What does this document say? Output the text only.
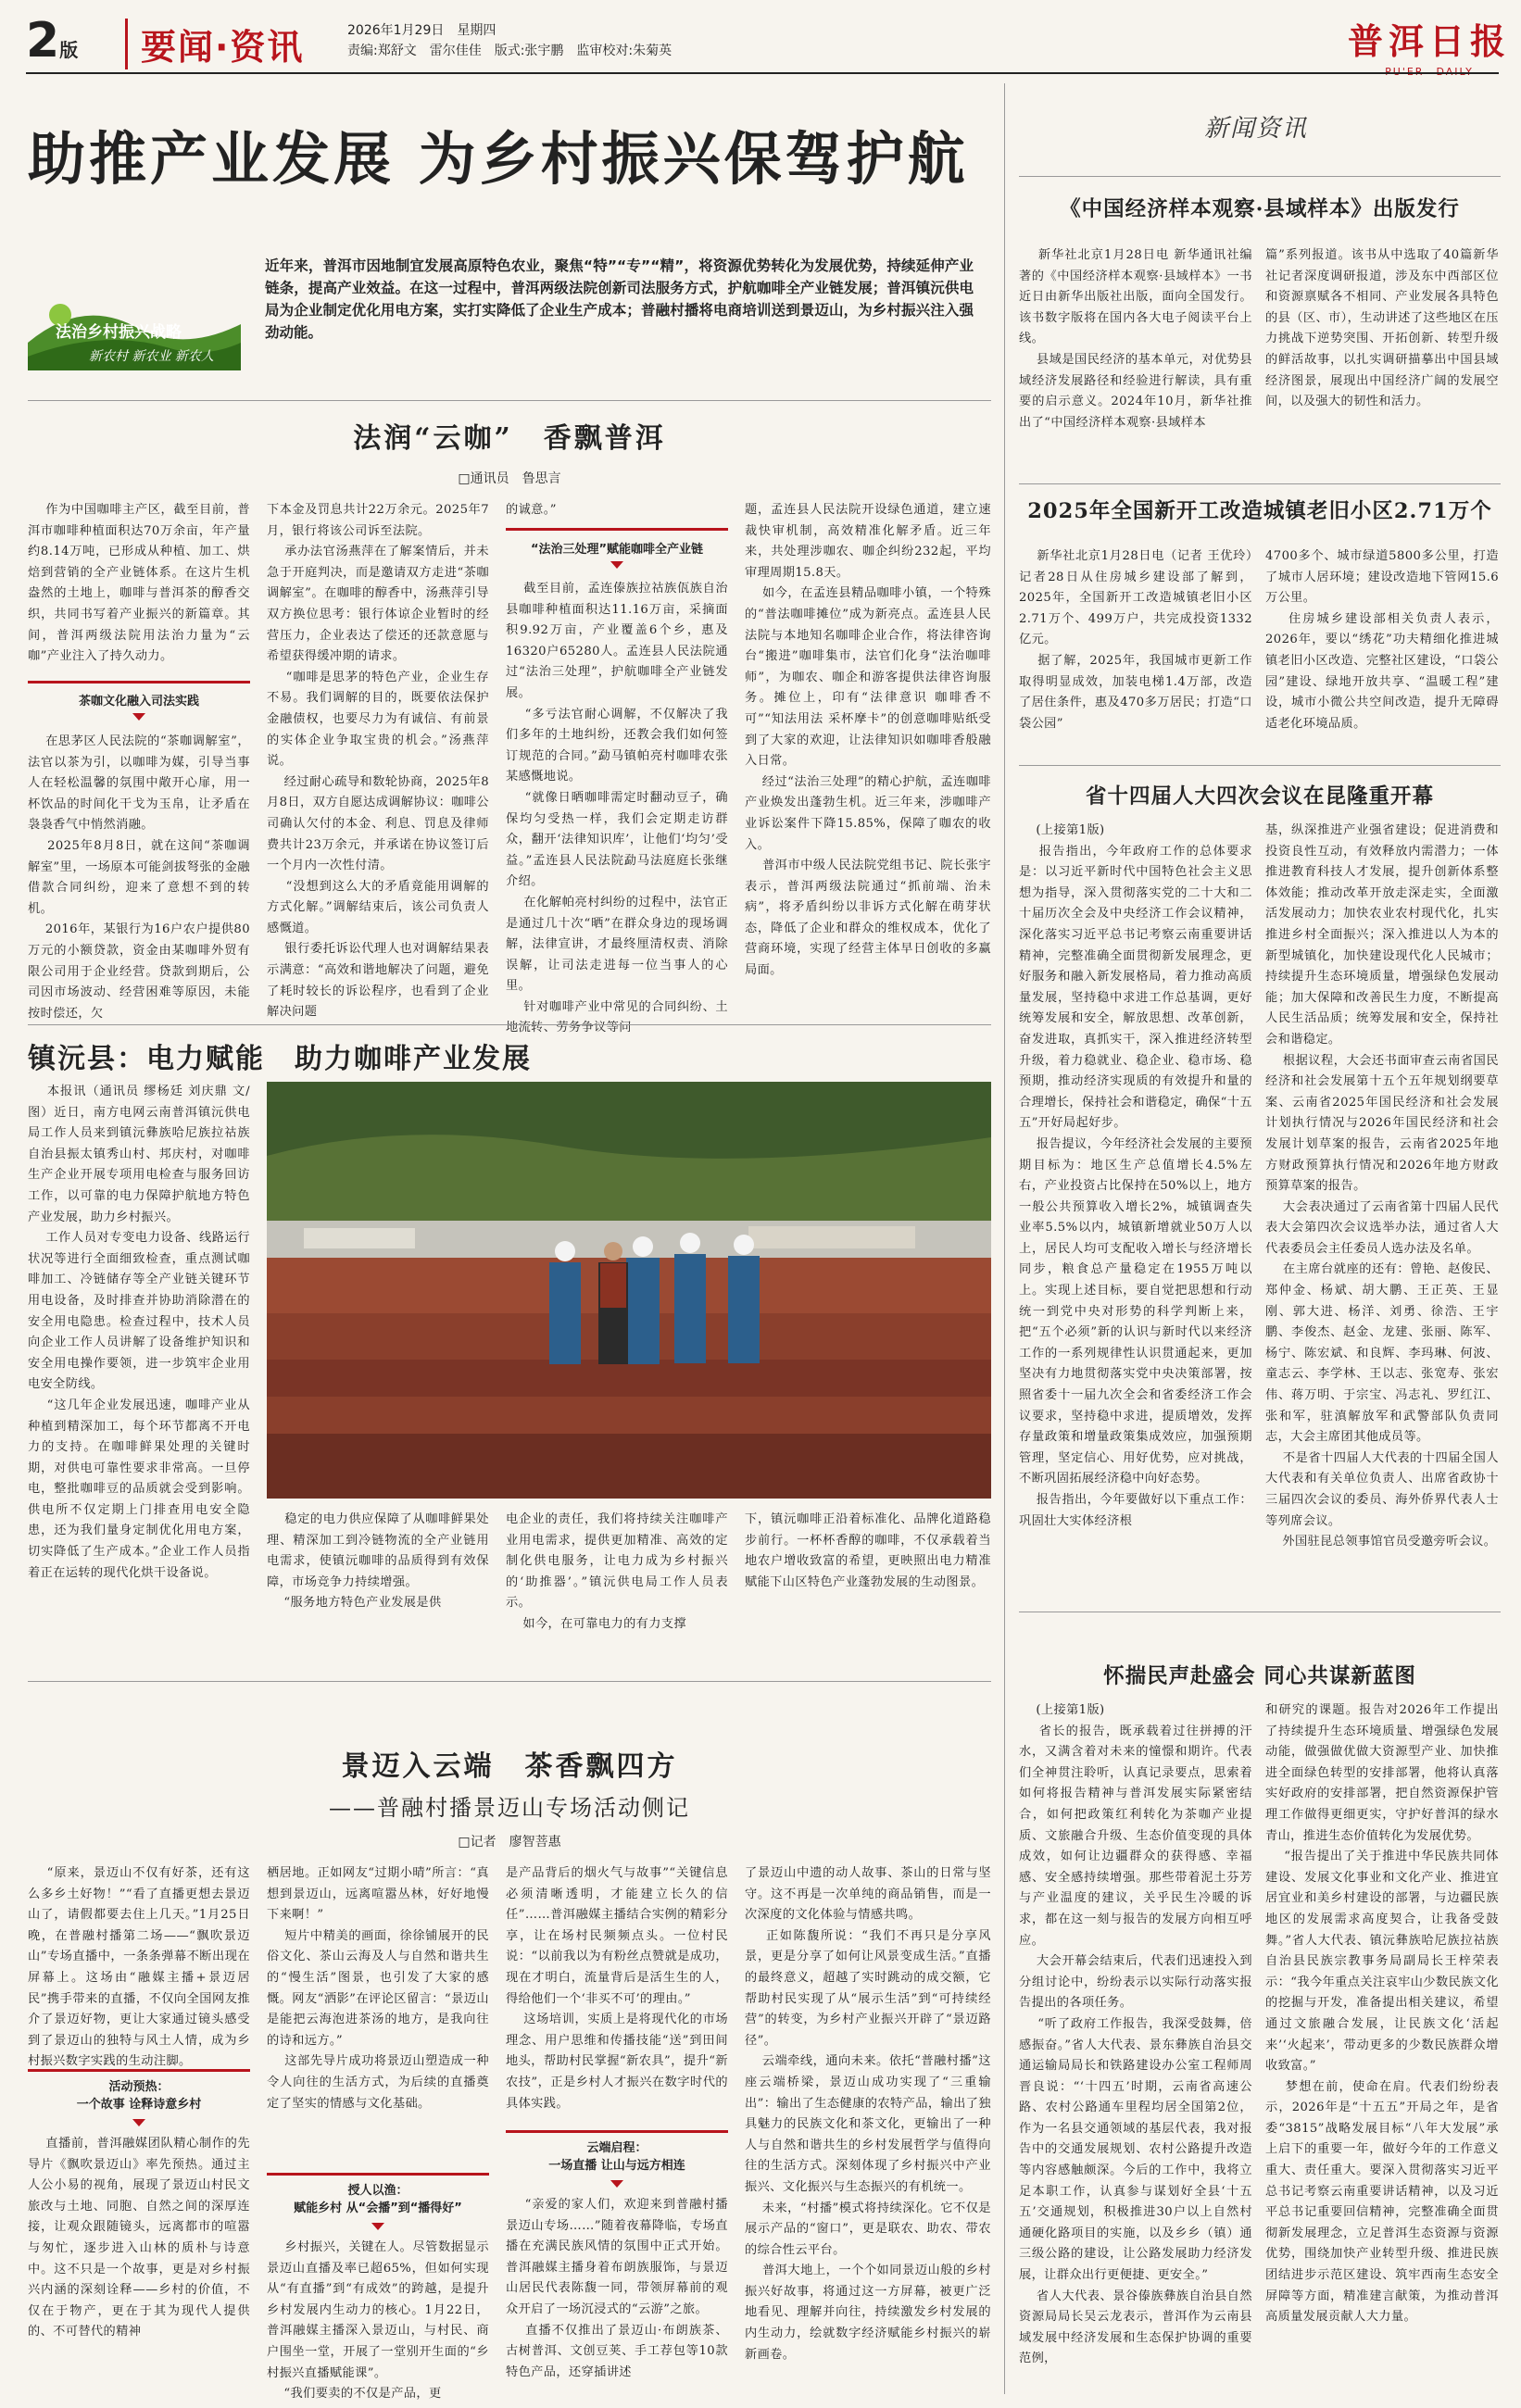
2版	要闻·资讯	2026年1月29日　星期四
责编:郑舒文　雷尔佳佳　版式:张宇鹏　监审校对:朱菊英	普洱日报
PU'ER　DAILY
助推产业发展 为乡村振兴保驾护航
法治乡村振兴战略
新农村 新农业 新农人
近年来，普洱市因地制宜发展高原特色农业，聚焦“特”“专”“精”，将资源优势转化为发展优势，持续延伸产业链条，提高产业效益。在这一过程中，普洱两级法院创新司法服务方式，护航咖啡全产业链发展；普洱镇沅供电局为企业制定优化用电方案，实打实降低了企业生产成本；普融村播将电商培训送到景迈山，为乡村振兴注入强劲动能。
法润“云咖”　香飘普洱
□通讯员　鲁思言
作为中国咖啡主产区，截至目前，普洱市咖啡种植面积达70万余亩，年产量约8.14万吨，已形成从种植、加工、烘焙到营销的全产业链体系。在这片生机盎然的土地上，咖啡与普洱茶的醇香交织，共同书写着产业振兴的新篇章。其间，普洱两级法院用法治力量为“云咖”产业注入了持久动力。
茶咖文化融入司法实践
在思茅区人民法院的“茶咖调解室”，法官以茶为引，以咖啡为媒，引导当事人在轻松温馨的氛围中敞开心扉，用一杯饮品的时间化干戈为玉帛，让矛盾在袅袅香气中悄然消融。
2025年8月8日，就在这间“茶咖调解室”里，一场原本可能剑拔弩张的金融借款合同纠纷，迎来了意想不到的转机。
2016年，某银行为16户农户提供80万元的小额贷款，资金由某咖啡外贸有限公司用于企业经营。贷款到期后，公司因市场波动、经营困难等原因，未能按时偿还，欠
下本金及罚息共计22万余元。2025年7月，银行将该公司诉至法院。
承办法官汤燕萍在了解案情后，并未急于开庭判决，而是邀请双方走进“茶咖调解室”。在咖啡的醇香中，汤燕萍引导双方换位思考：银行体谅企业暂时的经营压力，企业表达了偿还的还款意愿与希望获得缓冲期的请求。
“咖啡是思茅的特色产业，企业生存不易。我们调解的目的，既要依法保护金融债权，也要尽力为有诚信、有前景的实体企业争取宝贵的机会。”汤燕萍说。
经过耐心疏导和数轮协商，2025年8月8日，双方自愿达成调解协议：咖啡公司确认欠付的本金、利息、罚息及律师费共计23万余元，并承诺在协议签订后一个月内一次性付清。
“没想到这么大的矛盾竟能用调解的方式化解。”调解结束后，该公司负责人感慨道。
银行委托诉讼代理人也对调解结果表示满意：“高效和谐地解决了问题，避免了耗时较长的诉讼程序，也看到了企业解决问题
的诚意。”
“法治三处理”赋能咖啡全产业链
截至目前，孟连傣族拉祜族佤族自治县咖啡种植面积达11.16万亩，采摘面积9.92万亩，产业覆盖6个乡，惠及16320户65280人。孟连县人民法院通过“法治三处理”，护航咖啡全产业链发展。
“多亏法官耐心调解，不仅解决了我们多年的土地纠纷，还教会我们如何签订规范的合同。”勐马镇帕亮村咖啡农张某感慨地说。
“就像日晒咖啡需定时翻动豆子，确保均匀受热一样，我们会定期走访群众，翻开‘法律知识库’，让他们‘均匀’受益。”孟连县人民法院勐马法庭庭长张继介绍。
在化解帕亮村纠纷的过程中，法官正是通过几十次“晒”在群众身边的现场调解，法律宣讲，才最终厘清权责、消除误解，让司法走进每一位当事人的心里。
针对咖啡产业中常见的合同纠纷、土地流转、劳务争议等问
题，孟连县人民法院开设绿色通道，建立速裁快审机制，高效精准化解矛盾。近三年来，共处理涉咖农、咖企纠纷232起，平均审理周期15.8天。
如今，在孟连县精品咖啡小镇，一个特殊的“普法咖啡摊位”成为新亮点。孟连县人民法院与本地知名咖啡企业合作，将法律咨询台“搬进”咖啡集市，法官们化身“法治咖啡师”，为咖农、咖企和游客提供法律咨询服务。摊位上，印有“法律意识 咖啡香不可”“知法用法 采杯摩卡”的创意咖啡贴纸受到了大家的欢迎，让法律知识如咖啡香般融入日常。
经过“法治三处理”的精心护航，孟连咖啡产业焕发出蓬勃生机。近三年来，涉咖啡产业诉讼案件下降15.85%，保障了咖农的收入。
普洱市中级人民法院党组书记、院长张宇表示，普洱两级法院通过“抓前端、治未病”，将矛盾纠纷以非诉方式化解在萌芽状态，降低了企业和群众的维权成本，优化了营商环境，实现了经营主体早日创收的多赢局面。
镇沅县：电力赋能　助力咖啡产业发展
本报讯（通讯员 缪杨廷 刘庆鼎 文/图）近日，南方电网云南普洱镇沅供电局工作人员来到镇沅彝族哈尼族拉祜族自治县振太镇秀山村、邦庆村，对咖啡生产企业开展专项用电检查与服务回访工作，以可靠的电力保障护航地方特色产业发展，助力乡村振兴。
工作人员对专变电力设备、线路运行状况等进行全面细致检查，重点测试咖啡加工、冷链储存等全产业链关键环节用电设备，及时排查并协助消除潜在的安全用电隐患。检查过程中，技术人员向企业工作人员讲解了设备维护知识和安全用电操作要领，进一步筑牢企业用电安全防线。
“这几年企业发展迅速，咖啡产业从种植到精深加工，每个环节都离不开电力的支持。在咖啡鲜果处理的关键时期，对供电可靠性要求非常高。一旦停电，整批咖啡豆的品质就会受到影响。供电所不仅定期上门排查用电安全隐患，还为我们量身定制优化用电方案，切实降低了生产成本。”企业工作人员指着正在运转的现代化烘干设备说。
稳定的电力供应保障了从咖啡鲜果处理、精深加工到冷链物流的全产业链用电需求，使镇沅咖啡的品质得到有效保障，市场竞争力持续增强。
“服务地方特色产业发展是供
电企业的责任，我们将持续关注咖啡产业用电需求，提供更加精准、高效的定制化供电服务，让电力成为乡村振兴的‘助推器’。”镇沅供电局工作人员表示。
如今，在可靠电力的有力支撑
下，镇沅咖啡正沿着标准化、品牌化道路稳步前行。一杯杯香醇的咖啡，不仅承载着当地农户增收致富的希望，更映照出电力精准赋能下山区特色产业蓬勃发展的生动图景。
景迈入云端　茶香飘四方
——普融村播景迈山专场活动侧记
□记者　廖智菩惠
“原来，景迈山不仅有好茶，还有这么多乡土好物！”“看了直播更想去景迈山了，请假都要去住上几天。”1月25日晚，在普融村播第二场——“飘吹景迈山”专场直播中，一条条弹幕不断出现在屏幕上。这场由“融媒主播+景迈居民”携手带来的直播，不仅向全国网友推介了景迈好物，更让大家通过镜头感受到了景迈山的独特与风土人情，成为乡村振兴数字实践的生动注脚。
活动预热：
一个故事 诠释诗意乡村
直播前，普洱融媒团队精心制作的先导片《飘吹景迈山》率先预热。通过主人公小易的视角，展现了景迈山村民文旅改与土地、同胞、自然之间的深厚连接，让观众跟随镜头，远离都市的喧嚣与匆忙，逐步进入山林的质朴与诗意中。这不只是一个故事，更是对乡村振兴内涵的深刻诠释——乡村的价值，不仅在于物产，更在于其为现代人提供的、不可替代的精神
栖居地。正如网友“过期小晴”所言：“真想到景迈山，远离喧嚣丛林，好好地慢下来啊！”
短片中精美的画面，徐徐铺展开的民俗文化、茶山云海及人与自然和谐共生的“慢生活”图景，也引发了大家的感慨。网友“洒影”在评论区留言：“景迈山是能把云海泡进茶汤的地方，是我向往的诗和远方。”
这部先导片成功将景迈山塑造成一种令人向往的生活方式，为后续的直播奠定了坚实的情感与文化基础。
授人以渔：
赋能乡村 从“会播”到“播得好”
乡村振兴，关键在人。尽管数据显示景迈山直播及率已超65%，但如何实现从“有直播”到“有成效”的跨越，是提升乡村发展内生动力的核心。1月22日，普洱融媒主播深入景迈山，与村民、商户围坐一堂，开展了一堂别开生面的“乡村振兴直播赋能课”。
“我们要卖的不仅是产品，更
是产品背后的烟火气与故事”“关键信息必须清晰透明，才能建立长久的信任”……普洱融媒主播结合实例的精彩分享，让在场村民频频点头。一位村民说：“以前我以为有粉丝点赞就是成功，现在才明白，流量背后是活生生的人，得给他们一个‘非买不可’的理由。”
这场培训，实质上是将现代化的市场理念、用户思维和传播技能“送”到田间地头，帮助村民掌握“新农具”，提升“新农技”，正是乡村人才振兴在数字时代的具体实践。
云端启程：
一场直播 让山与远方相连
“亲爱的家人们，欢迎来到普融村播景迈山专场……”随着夜幕降临，专场直播在充满民族风情的氛围中正式开始。普洱融媒主播身着布朗族服饰，与景迈山居民代表陈馥一同，带领屏幕前的观众开启了一场沉浸式的“云游”之旅。
直播不仅推出了景迈山·布朗族茶、古树普洱、文创豆荚、手工荐包等10款特色产品，还穿插讲述
了景迈山中遗的动人故事、茶山的日常与坚守。这不再是一次单纯的商品销售，而是一次深度的文化体验与情感共鸣。
正如陈馥所说：“我们不再只是分享风景，更是分享了如何让风景变成生活。”直播的最终意义，超越了实时跳动的成交额，它帮助村民实现了从“展示生活”到“可持续经营”的转变，为乡村产业振兴开辟了“景迈路径”。
云端牵线，通向未来。依托“普融村播”这座云端桥梁，景迈山成功实现了“三重输出”：输出了生态健康的农特产品，输出了独具魅力的民族文化和茶文化，更输出了一种人与自然和谐共生的乡村发展哲学与值得向往的生活方式。深刻体现了乡村振兴中产业振兴、文化振兴与生态振兴的有机统一。
未来，“村播”模式将持续深化。它不仅是展示产品的“窗口”，更是联农、助农、带农的综合性云平台。
普洱大地上，一个个如同景迈山般的乡村振兴好故事，将通过这一方屏幕，被更广泛地看见、理解并向往，持续激发乡村发展的内生动力，绘就数字经济赋能乡村振兴的崭新画卷。
新闻资讯
《中国经济样本观察·县域样本》出版发行
新华社北京1月28日电 新华通讯社编著的《中国经济样本观察·县域样本》一书近日由新华出版社出版，面向全国发行。该书数字版将在国内各大电子阅读平台上线。
县域是国民经济的基本单元，对优势县域经济发展路径和经验进行解读，具有重要的启示意义。2024年10月，新华社推出了“中国经济样本观察·县域样本
篇”系列报道。该书从中选取了40篇新华社记者深度调研报道，涉及东中西部区位和资源禀赋各不相同、产业发展各具特色的县（区、市），生动讲述了这些地区在压力挑战下逆势突围、开拓创新、转型升级的鲜活故事，以扎实调研描摹出中国县域经济图景，展现出中国经济广阔的发展空间，以及强大的韧性和活力。
2025年全国新开工改造城镇老旧小区2.71万个
新华社北京1月28日电（记者 王优玲）记者28日从住房城乡建设部了解到，2025年，全国新开工改造城镇老旧小区2.71万个、499万户，共完成投资1332亿元。
据了解，2025年，我国城市更新工作取得明显成效，加装电梯1.4万部，改造了居住条件，惠及470多万居民；打造“口袋公园”
4700多个、城市绿道5800多公里，打造了城市人居环境；建设改造地下管网15.6万公里。
住房城乡建设部相关负责人表示，2026年，要以“绣花”功夫精细化推进城镇老旧小区改造、完整社区建设，“口袋公园”建设、绿地开放共享、“温暖工程”建设，城市小微公共空间改造，提升无障碍适老化环境品质。
省十四届人大四次会议在昆隆重开幕
(上接第1版)
报告指出，今年政府工作的总体要求是：以习近平新时代中国特色社会主义思想为指导，深入贯彻落实党的二十大和二十届历次全会及中央经济工作会议精神，深化落实习近平总书记考察云南重要讲话精神，完整准确全面贯彻新发展理念，更好服务和融入新发展格局，着力推动高质量发展，坚持稳中求进工作总基调，更好统筹发展和安全，解放思想、改革创新，奋发进取，真抓实干，深入推进经济转型升级，着力稳就业、稳企业、稳市场、稳预期，推动经济实现质的有效提升和量的合理增长，保持社会和谐稳定，确保“十五五”开好局起好步。
报告提议，今年经济社会发展的主要预期目标为：地区生产总值增长4.5%左右，产业投资占比保持在50%以上，地方一般公共预算收入增长2%，城镇调查失业率5.5%以内，城镇新增就业50万人以上，居民人均可支配收入增长与经济增长同步，粮食总产量稳定在1955万吨以上。实现上述目标，要自觉把思想和行动统一到党中央对形势的科学判断上来，把“五个必须”新的认识与新时代以来经济工作的一系列规律性认识贯通起来，更加坚决有力地贯彻落实党中央决策部署，按照省委十一届九次全会和省委经济工作会议要求，坚持稳中求进，提质增效，发挥存量政策和增量政策集成效应，加强预期管理，坚定信心、用好优势，应对挑战，不断巩固拓展经济稳中向好态势。
报告指出，今年要做好以下重点工作：巩固壮大实体经济根
基，纵深推进产业强省建设；促进消费和投资良性互动，有效释放内需潜力；一体推进教育科技人才发展，提升创新体系整体效能；推动改革开放走深走实，全面激活发展动力；加快农业农村现代化，扎实推进乡村全面振兴；深入推进以人为本的新型城镇化，加快建设现代化人民城市；持续提升生态环境质量，增强绿色发展动能；加大保障和改善民生力度，不断提高人民生活品质；统筹发展和安全，保持社会和谐稳定。
根据议程，大会还书面审查云南省国民经济和社会发展第十五个五年规划纲要草案、云南省2025年国民经济和社会发展计划执行情况与2026年国民经济和社会发展计划草案的报告，云南省2025年地方财政预算执行情况和2026年地方财政预算草案的报告。
大会表决通过了云南省第十四届人民代表大会第四次会议选举办法，通过省人大代表委员会主任委员人选办法及名单。
在主席台就座的还有：曾艳、赵俊民、郑仲金、杨斌、胡大鹏、王正英、王显刚、郭大进、杨洋、刘勇、徐浩、王宇鹏、李俊杰、赵金、龙建、张丽、陈军、杨宁、陈宏斌、和良辉、李玛琳、何波、童志云、李学林、王以志、张宽寿、张宏伟、蒋万明、于宗宝、冯志礼、罗红江、张和军，驻滇解放军和武警部队负责同志，大会主席团其他成员等。
不是省十四届人大代表的十四届全国人大代表和有关单位负责人、出席省政协十三届四次会议的委员、海外侨界代表人士等列席会议。
外国驻昆总领事馆官员受邀旁听会议。
怀揣民声赴盛会 同心共谋新蓝图
(上接第1版)
省长的报告，既承载着过往拼搏的汗水，又满含着对未来的憧憬和期许。代表们全神贯注聆听，认真记录要点，思索着如何将报告精神与普洱发展实际紧密结合，如何把政策红利转化为茶咖产业提质、文旅融合升级、生态价值变现的具体成效，如何让边疆群众的获得感、幸福感、安全感持续增强。那些带着泥土芬芳与产业温度的建议，关乎民生冷暖的诉求，都在这一刻与报告的发展方向相互呼应。
大会开幕会结束后，代表们迅速投入到分组讨论中，纷纷表示以实际行动落实报告提出的各项任务。
“听了政府工作报告，我深受鼓舞，倍感振奋。”省人大代表、景东彝族自治县交通运输局局长和铁路建设办公室工程师周晋良说：“‘十四五’时期，云南省高速公路、农村公路通车里程均居全国第2位，作为一名县交通领域的基层代表，我对报告中的交通发展规划、农村公路提升改造等内容感触颇深。今后的工作中，我将立足本职工作，认真参与谋划好全县‘十五五’交通规划，积极推进30户以上自然村通硬化路项目的实施，以及乡乡（镇）通三级公路的建设，让公路发展助力经济发展，让群众出行更便捷、更安全。”
省人大代表、景谷傣族彝族自治县自然资源局局长吴云龙表示，普洱作为云南县域发展中经济发展和生态保护协调的重要范例，
和研究的课题。报告对2026年工作提出了持续提升生态环境质量、增强绿色发展动能，做强做优做大资源型产业、加快推进全面绿色转型的安排部署，他将认真落实好政府的安排部署，把自然资源保护管理工作做得更细更实，守护好普洱的绿水青山，推进生态价值转化为发展优势。
“报告提出了关于推进中华民族共同体建设、发展文化事业和文化产业、推进宜居宜业和美乡村建设的部署，与边疆民族地区的发展需求高度契合，让我备受鼓舞。”省人大代表、镇沅彝族哈尼族拉祜族自治县民族宗教事务局副局长王梓荣表示：“我今年重点关注哀牢山少数民族文化的挖掘与开发，准备提出相关建议，希望通过文旅融合发展，让民族文化‘活起来’‘火起来’，带动更多的少数民族群众增收致富。”
梦想在前，使命在肩。代表们纷纷表示，2026年是“十五五”开局之年，是省委“3815”战略发展目标“八年大发展”承上启下的重要一年，做好今年的工作意义重大、责任重大。要深入贯彻落实习近平总书记考察云南重要讲话精神，以及习近平总书记重要回信精神，完整准确全面贯彻新发展理念，立足普洱生态资源与资源优势，围绕加快产业转型升级、推进民族团结进步示范区建设、筑牢西南生态安全屏障等方面，精准建言献策，为推动普洱高质量发展贡献人大力量。
